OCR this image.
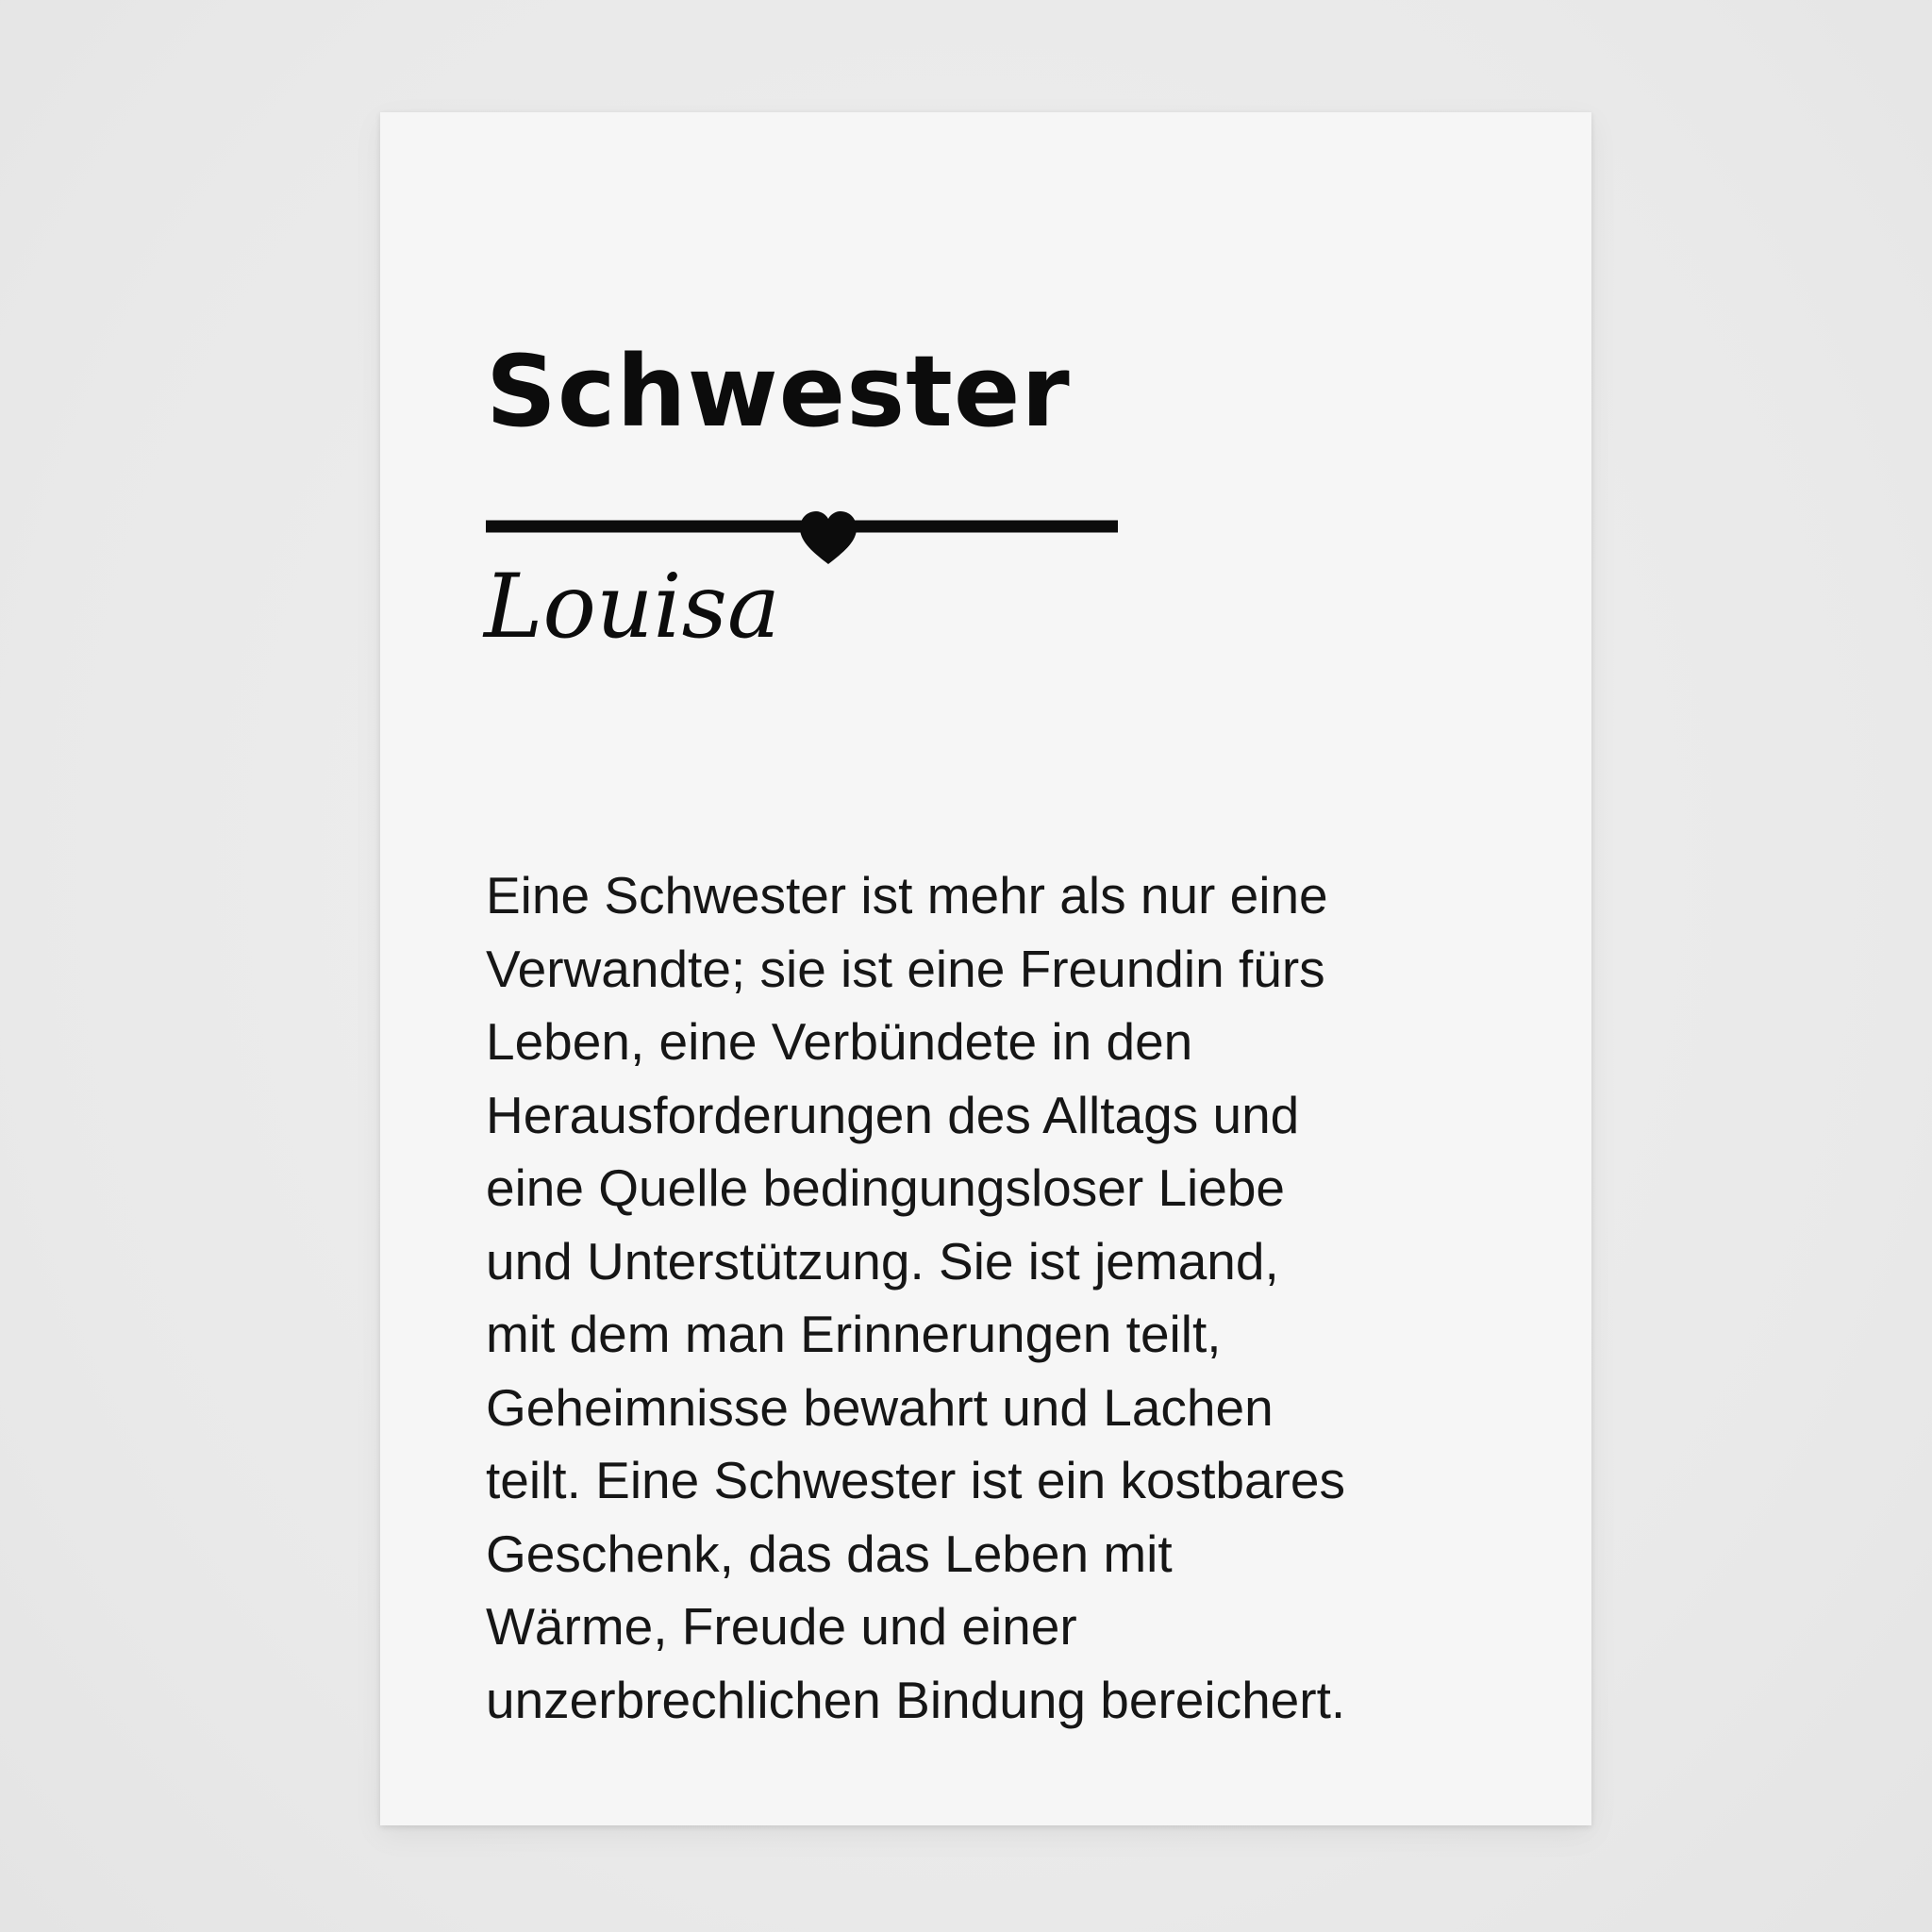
Schwester

Louisa

Eine Schwester ist mehr als nur eine
Verwandte; sie ist eine Freundin fürs
Leben, eine Verbündete in den
Herausforderungen des Alltags und
eine Quelle bedingungsloser Liebe
und Unterstützung. Sie ist jemand,
mit dem man Erinnerungen teilt,
Geheimnisse bewahrt und Lachen
teilt. Eine Schwester ist ein kostbares
Geschenk, das das Leben mit
Wärme, Freude und einer
unzerbrechlichen Bindung bereichert.
